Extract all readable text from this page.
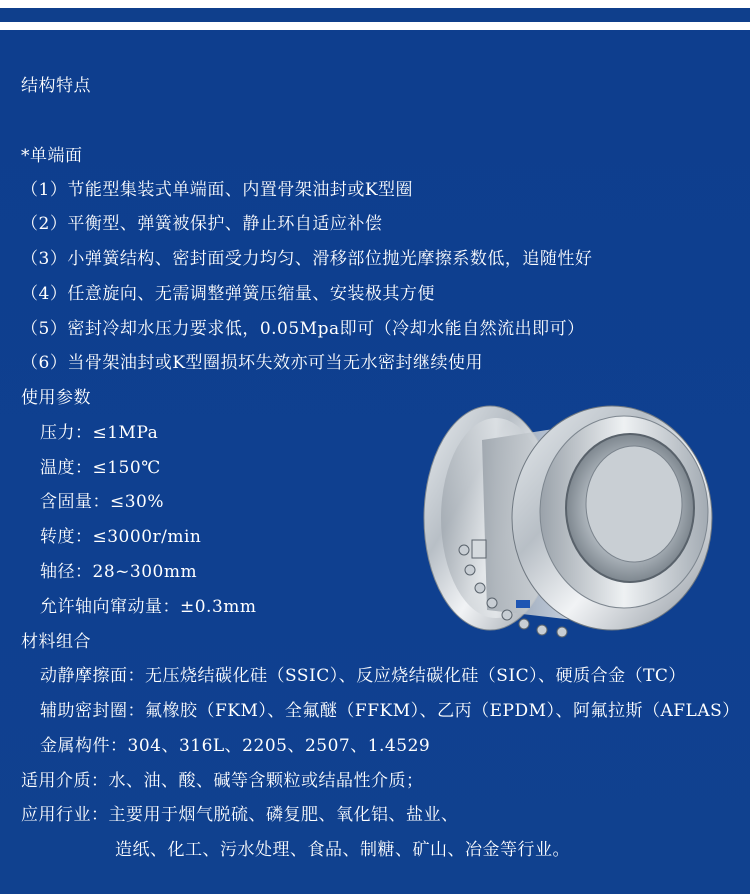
结构特点
*单端面
（1）节能型集装式单端面、内置骨架油封或K型圈
（2）平衡型、弹簧被保护、静止环自适应补偿
（3）小弹簧结构、密封面受力均匀、滑移部位抛光摩擦系数低，追随性好
（4）任意旋向、无需调整弹簧压缩量、安装极其方便
（5）密封冷却水压力要求低，0.05Mpa即可（冷却水能自然流出即可）
（6）当骨架油封或K型圈损坏失效亦可当无水密封继续使用
使用参数
压力：≤1MPa
温度：≤150℃
含固量：≤30%
转度：≤3000r/min
轴径：28~300mm
允许轴向窜动量：±0.3mm
材料组合
动静摩擦面：无压烧结碳化硅（SSIC）、反应烧结碳化硅（SIC）、硬质合金（TC）
辅助密封圈：氟橡胶（FKM）、全氟醚（FFKM）、乙丙（EPDM）、阿氟拉斯（AFLAS）
金属构件：304、316L、2205、2507、1.4529
适用介质：水、油、酸、碱等含颗粒或结晶性介质；
应用行业：主要用于烟气脱硫、磷复肥、氧化铝、盐业、
造纸、化工、污水处理、食品、制糖、矿山、冶金等行业。
